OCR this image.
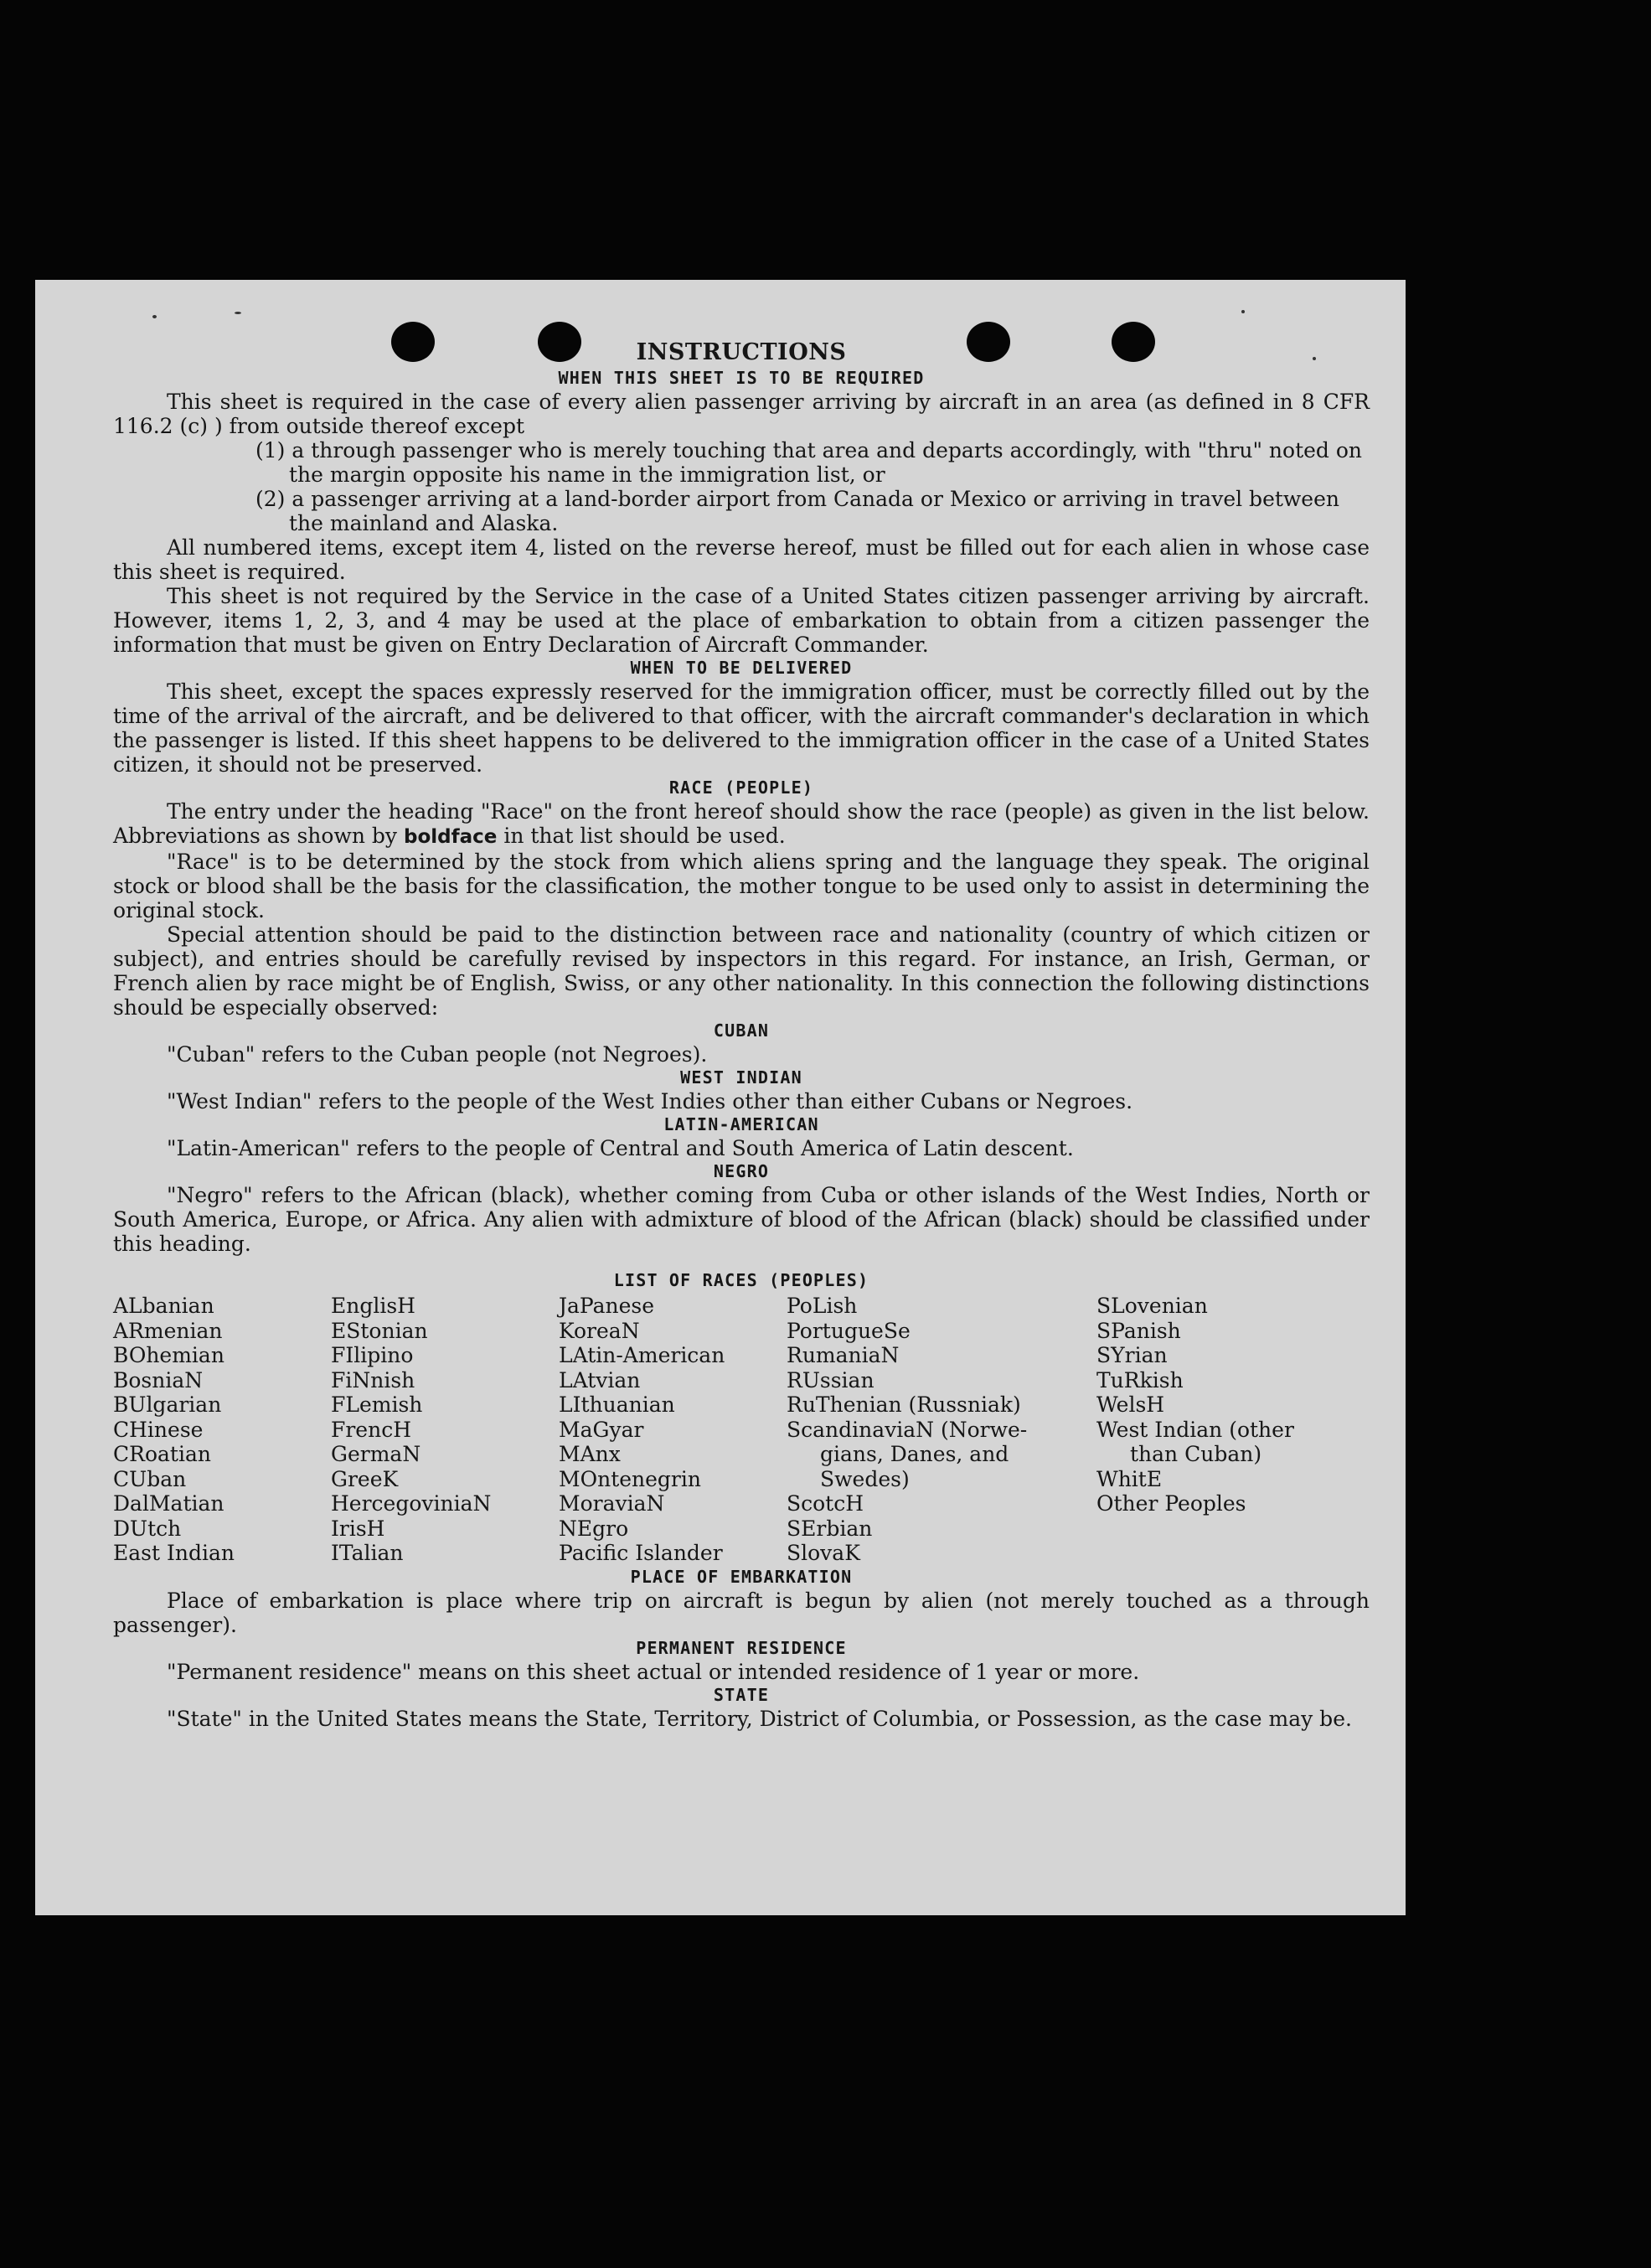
INSTRUCTIONS
WHEN THIS SHEET IS TO BE REQUIRED

This sheet is required in the case of every alien passenger arriving by aircraft in an area (as defined in 8 CFR 116.2 (c) ) from outside thereof except

(1) a through passenger who is merely touching that area and departs accordingly, with "thru" noted on the margin opposite his name in the immigration list, or

(2) a passenger arriving at a land-border airport from Canada or Mexico or arriving in travel between the mainland and Alaska.

All numbered items, except item 4, listed on the reverse hereof, must be filled out for each alien in whose case this sheet is required.

This sheet is not required by the Service in the case of a United States citizen passenger arriving by aircraft. However, items 1, 2, 3, and 4 may be used at the place of embarkation to obtain from a citizen passenger the information that must be given on Entry Declaration of Aircraft Commander.

WHEN TO BE DELIVERED

This sheet, except the spaces expressly reserved for the immigration officer, must be correctly filled out by the time of the arrival of the aircraft, and be delivered to that officer, with the aircraft commander's declaration in which the passenger is listed. If this sheet happens to be delivered to the immigration officer in the case of a United States citizen, it should not be preserved.

RACE (PEOPLE)

The entry under the heading "Race" on the front hereof should show the race (people) as given in the list below. Abbreviations as shown by boldface in that list should be used.

"Race" is to be determined by the stock from which aliens spring and the language they speak. The original stock or blood shall be the basis for the classification, the mother tongue to be used only to assist in determining the original stock.

Special attention should be paid to the distinction between race and nationality (country of which citizen or subject), and entries should be carefully revised by inspectors in this regard. For instance, an Irish, German, or French alien by race might be of English, Swiss, or any other nationality. In this connection the following distinctions should be especially observed:

CUBAN

"Cuban" refers to the Cuban people (not Negroes).

WEST INDIAN

"West Indian" refers to the people of the West Indies other than either Cubans or Negroes.

LATIN-AMERICAN

"Latin-American" refers to the people of Central and South America of Latin descent.

NEGRO

"Negro" refers to the African (black), whether coming from Cuba or other islands of the West Indies, North or South America, Europe, or Africa. Any alien with admixture of blood of the African (black) should be classified under this heading.

LIST OF RACES (PEOPLES)
ALbanian
ARmenian
BOhemian
BosniaN
BUlgarian
CHinese
CRoatian
CUban
DalMatian
DUtch
East Indian
EnglisH
EStonian
FIlipino
FiNnish
FLemish
FrencH
GermaN
GreeK
HercegoviniaN
IrisH
ITalian
JaPanese
KoreaN
LAtin-American
LAtvian
LIthuanian
MaGyar
MAnx
MOntenegrin
MoraviaN
NEgro
Pacific Islander
PoLish
PortugueSe
RumaniaN
RUssian
RuThenian (Russniak)
ScandinaviaN (Norwe-
gians, Danes, and
Swedes)
ScotcH
SErbian
SlovaK
SLovenian
SPanish
SYrian
TuRkish
WelsH
West Indian (other
than Cuban)
WhitE
Other Peoples
PLACE OF EMBARKATION

Place of embarkation is place where trip on aircraft is begun by alien (not merely touched as a through passenger).

PERMANENT RESIDENCE

"Permanent residence" means on this sheet actual or intended residence of 1 year or more.

STATE

"State" in the United States means the State, Territory, District of Columbia, or Possession, as the case may be.
